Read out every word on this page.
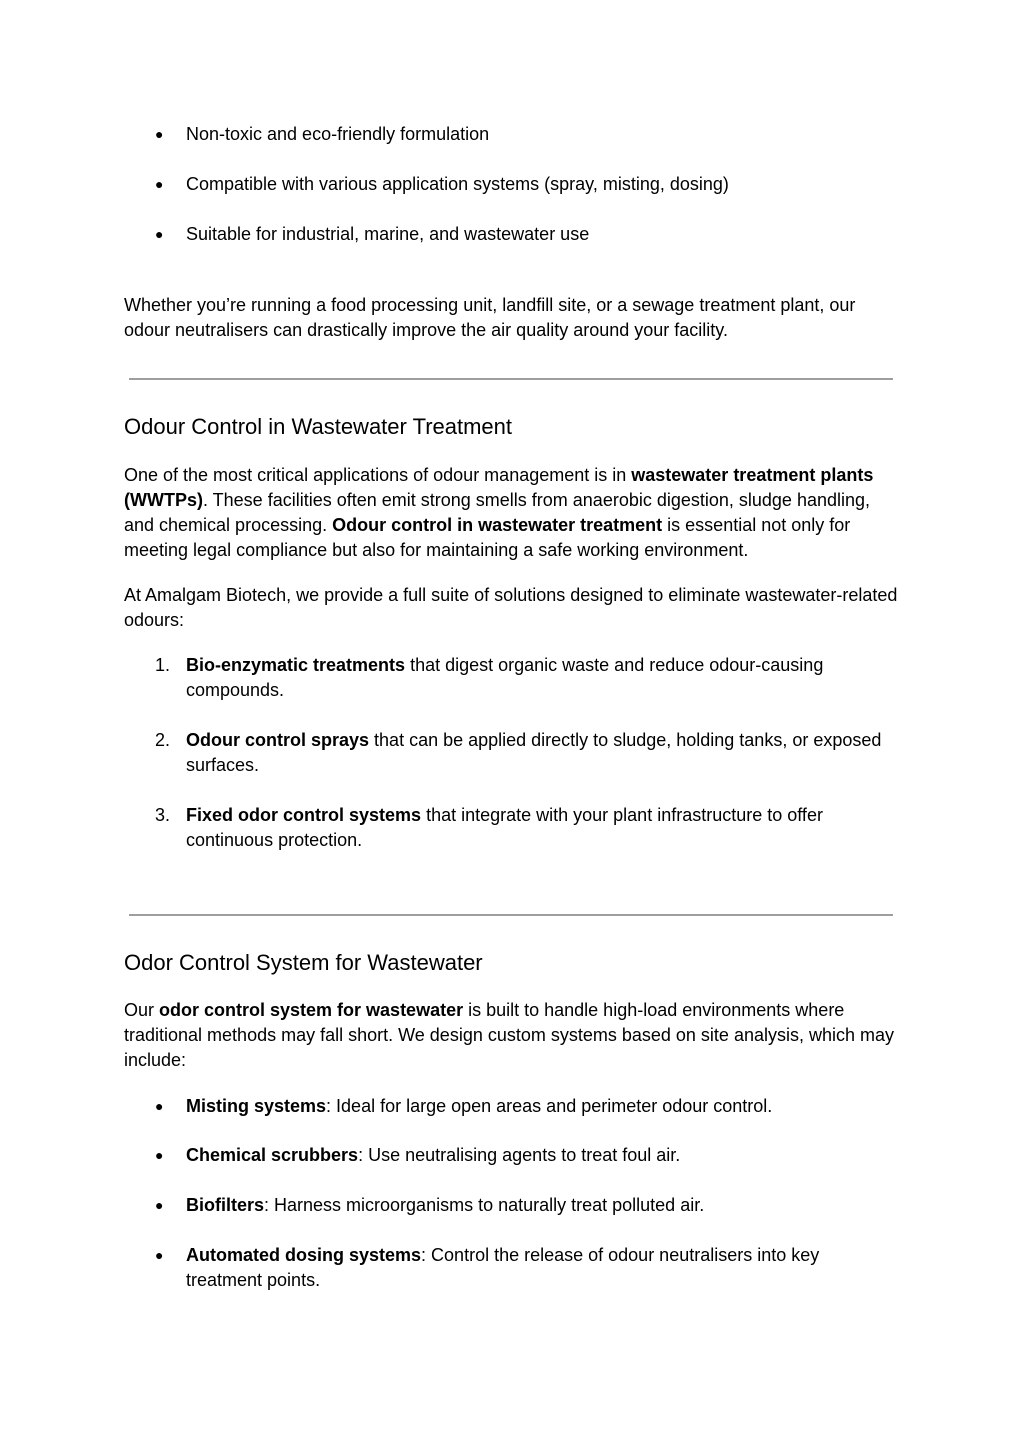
●	Non-toxic and eco-friendly formulation
●	Compatible with various application systems (spray, misting, dosing)
●	Suitable for industrial, marine, and wastewater use

Whether you’re running a food processing unit, landfill site, or a sewage treatment plant, our odour neutralisers can drastically improve the air quality around your facility.

Odour Control in Wastewater Treatment

One of the most critical applications of odour management is in wastewater treatment plants (WWTPs). These facilities often emit strong smells from anaerobic digestion, sludge handling, and chemical processing. Odour control in wastewater treatment is essential not only for meeting legal compliance but also for maintaining a safe working environment.

At Amalgam Biotech, we provide a full suite of solutions designed to eliminate wastewater-related odours:

1. Bio-enzymatic treatments that digest organic waste and reduce odour-causing compounds.
2. Odour control sprays that can be applied directly to sludge, holding tanks, or exposed surfaces.
3. Fixed odor control systems that integrate with your plant infrastructure to offer continuous protection.
Odor Control System for Wastewater

Our odor control system for wastewater is built to handle high-load environments where traditional methods may fall short. We design custom systems based on site analysis, which may include:

●	Misting systems: Ideal for large open areas and perimeter odour control.
●	Chemical scrubbers: Use neutralising agents to treat foul air.
●	Biofilters: Harness microorganisms to naturally treat polluted air.
●	Automated dosing systems: Control the release of odour neutralisers into key treatment points.
